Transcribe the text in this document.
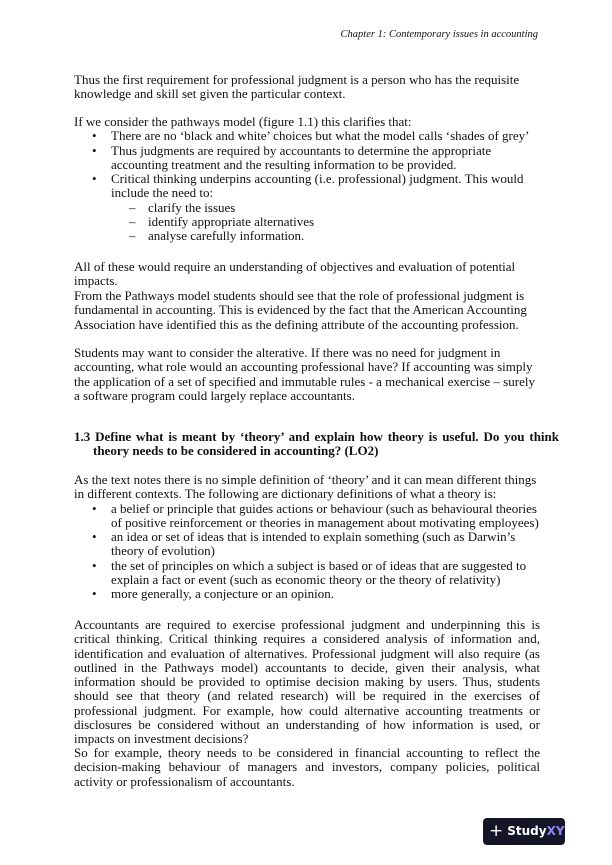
Chapter 1: Contemporary issues in accounting

Thus the first requirement for professional judgment is a person who has the requisite knowledge and skill set given the particular context.

If we consider the pathways model (figure 1.1) this clarifies that:
• There are no ‘black and white’ choices but what the model calls ‘shades of grey’
• Thus judgments are required by accountants to determine the appropriate accounting treatment and the resulting information to be provided.
• Critical thinking underpins accounting (i.e. professional) judgment. This would include the need to:
– clarify the issues
– identify appropriate alternatives
– analyse carefully information.

All of these would require an understanding of objectives and evaluation of potential impacts.

From the Pathways model students should see that the role of professional judgment is fundamental in accounting. This is evidenced by the fact that the American Accounting Association have identified this as the defining attribute of the accounting profession.

Students may want to consider the alterative. If there was no need for judgment in accounting, what role would an accounting professional have? If accounting was simply the application of a set of specified and immutable rules - a mechanical exercise – surely a software program could largely replace accountants.

1.3 Define what is meant by ‘theory’ and explain how theory is useful. Do you think theory needs to be considered in accounting? (LO2)

As the text notes there is no simple definition of ‘theory’ and it can mean different things in different contexts. The following are dictionary definitions of what a theory is:
• a belief or principle that guides actions or behaviour (such as behavioural theories of positive reinforcement or theories in management about motivating employees)
• an idea or set of ideas that is intended to explain something (such as Darwin’s theory of evolution)
• the set of principles on which a subject is based or of ideas that are suggested to explain a fact or event (such as economic theory or the theory of relativity)
• more generally, a conjecture or an opinion.

Accountants are required to exercise professional judgment and underpinning this is critical thinking. Critical thinking requires a considered analysis of information and, identification and evaluation of alternatives. Professional judgment will also require (as outlined in the Pathways model) accountants to decide, given their analysis, what information should be provided to optimise decision making by users. Thus, students should see that theory (and related research) will be required in the exercises of professional judgment. For example, how could alternative accounting treatments or disclosures be considered without an understanding of how information is used, or impacts on investment decisions?

So for example, theory needs to be considered in financial accounting to reflect the decision-making behaviour of managers and investors, company policies, political activity or professionalism of accountants.

+ StudyXY
